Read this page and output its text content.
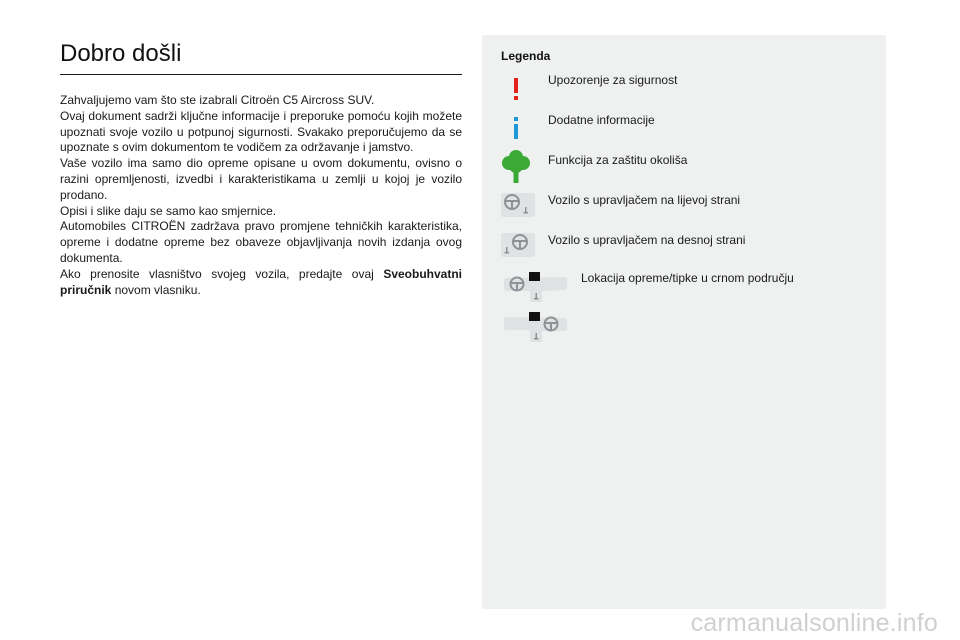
Dobro došli

Zahvaljujemo vam što ste izabrali Citroën C5 Aircross SUV.

Ovaj dokument sadrži ključne informacije i preporuke pomoću kojih možete upoznati svoje vozilo u potpunoj sigurnosti. Svakako preporučujemo da se upoznate s ovim dokumentom te vodičem za održavanje i jamstvo.

Vaše vozilo ima samo dio opreme opisane u ovom dokumentu, ovisno o razini opremljenosti, izvedbi i karakteristikama u zemlji u kojoj je vozilo prodano.

Opisi i slike daju se samo kao smjernice.

Automobiles CITROËN zadržava pravo promjene tehničkih karakteristika, opreme i dodatne opreme bez obaveze objavljivanja novih izdanja ovog dokumenta.

Ako prenosite vlasništvo svojeg vozila, predajte ovaj Sveobuhvatni priručnik novom vlasniku.

Legenda
Upozorenje za sigurnost
Dodatne informacije
Funkcija za zaštitu okoliša
Vozilo s upravljačem na lijevoj strani
Vozilo s upravljačem na desnoj strani
Lokacija opreme/tipke u crnom području
carmanualsonline.info
